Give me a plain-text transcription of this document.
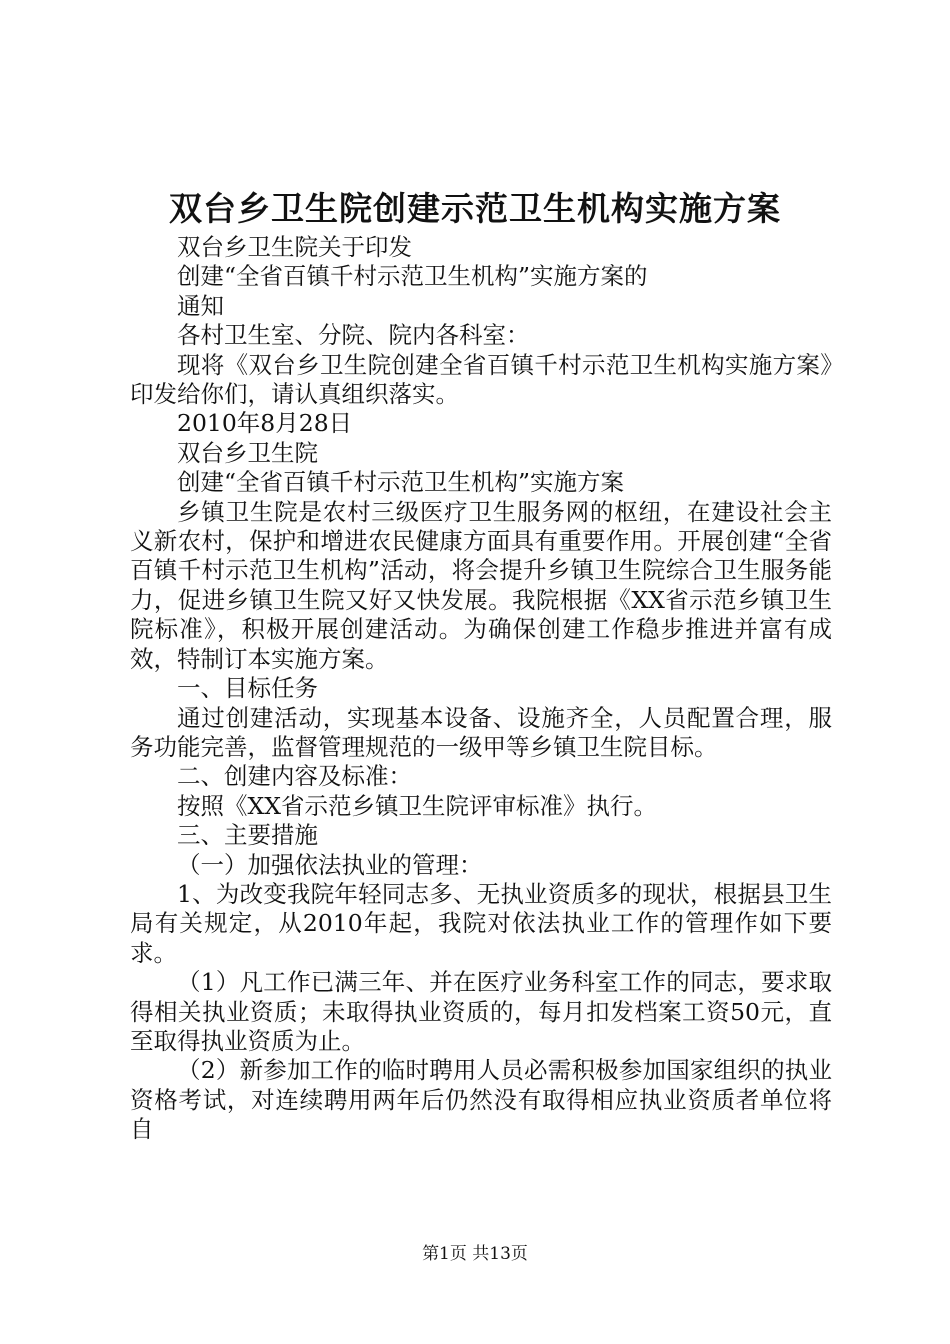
双台乡卫生院创建示范卫生机构实施方案

双台乡卫生院关于印发

创建“全省百镇千村示范卫生机构”实施方案的

通知

各村卫生室、分院、院内各科室：

现将《双台乡卫生院创建全省百镇千村示范卫生机构实施方案》印发给你们，请认真组织落实。

2010年8月28日

双台乡卫生院

创建“全省百镇千村示范卫生机构”实施方案

乡镇卫生院是农村三级医疗卫生服务网的枢纽，在建设社会主义新农村，保护和增进农民健康方面具有重要作用。开展创建“全省百镇千村示范卫生机构”活动，将会提升乡镇卫生院综合卫生服务能力，促进乡镇卫生院又好又快发展。我院根据《XX省示范乡镇卫生院标准》，积极开展创建活动。为确保创建工作稳步推进并富有成效，特制订本实施方案。

一、目标任务

通过创建活动，实现基本设备、设施齐全，人员配置合理，服务功能完善，监督管理规范的一级甲等乡镇卫生院目标。

二、创建内容及标准：

按照《XX省示范乡镇卫生院评审标准》执行。

三、主要措施

（一）加强依法执业的管理：

1、为改变我院年轻同志多、无执业资质多的现状，根据县卫生局有关规定，从2010年起，我院对依法执业工作的管理作如下要求。

（1）凡工作已满三年、并在医疗业务科室工作的同志，要求取得相关执业资质；未取得执业资质的，每月扣发档案工资50元，直至取得执业资质为止。

（2）新参加工作的临时聘用人员必需积极参加国家组织的执业资格考试，对连续聘用两年后仍然没有取得相应执业资质者单位将自

第1页 共13页
